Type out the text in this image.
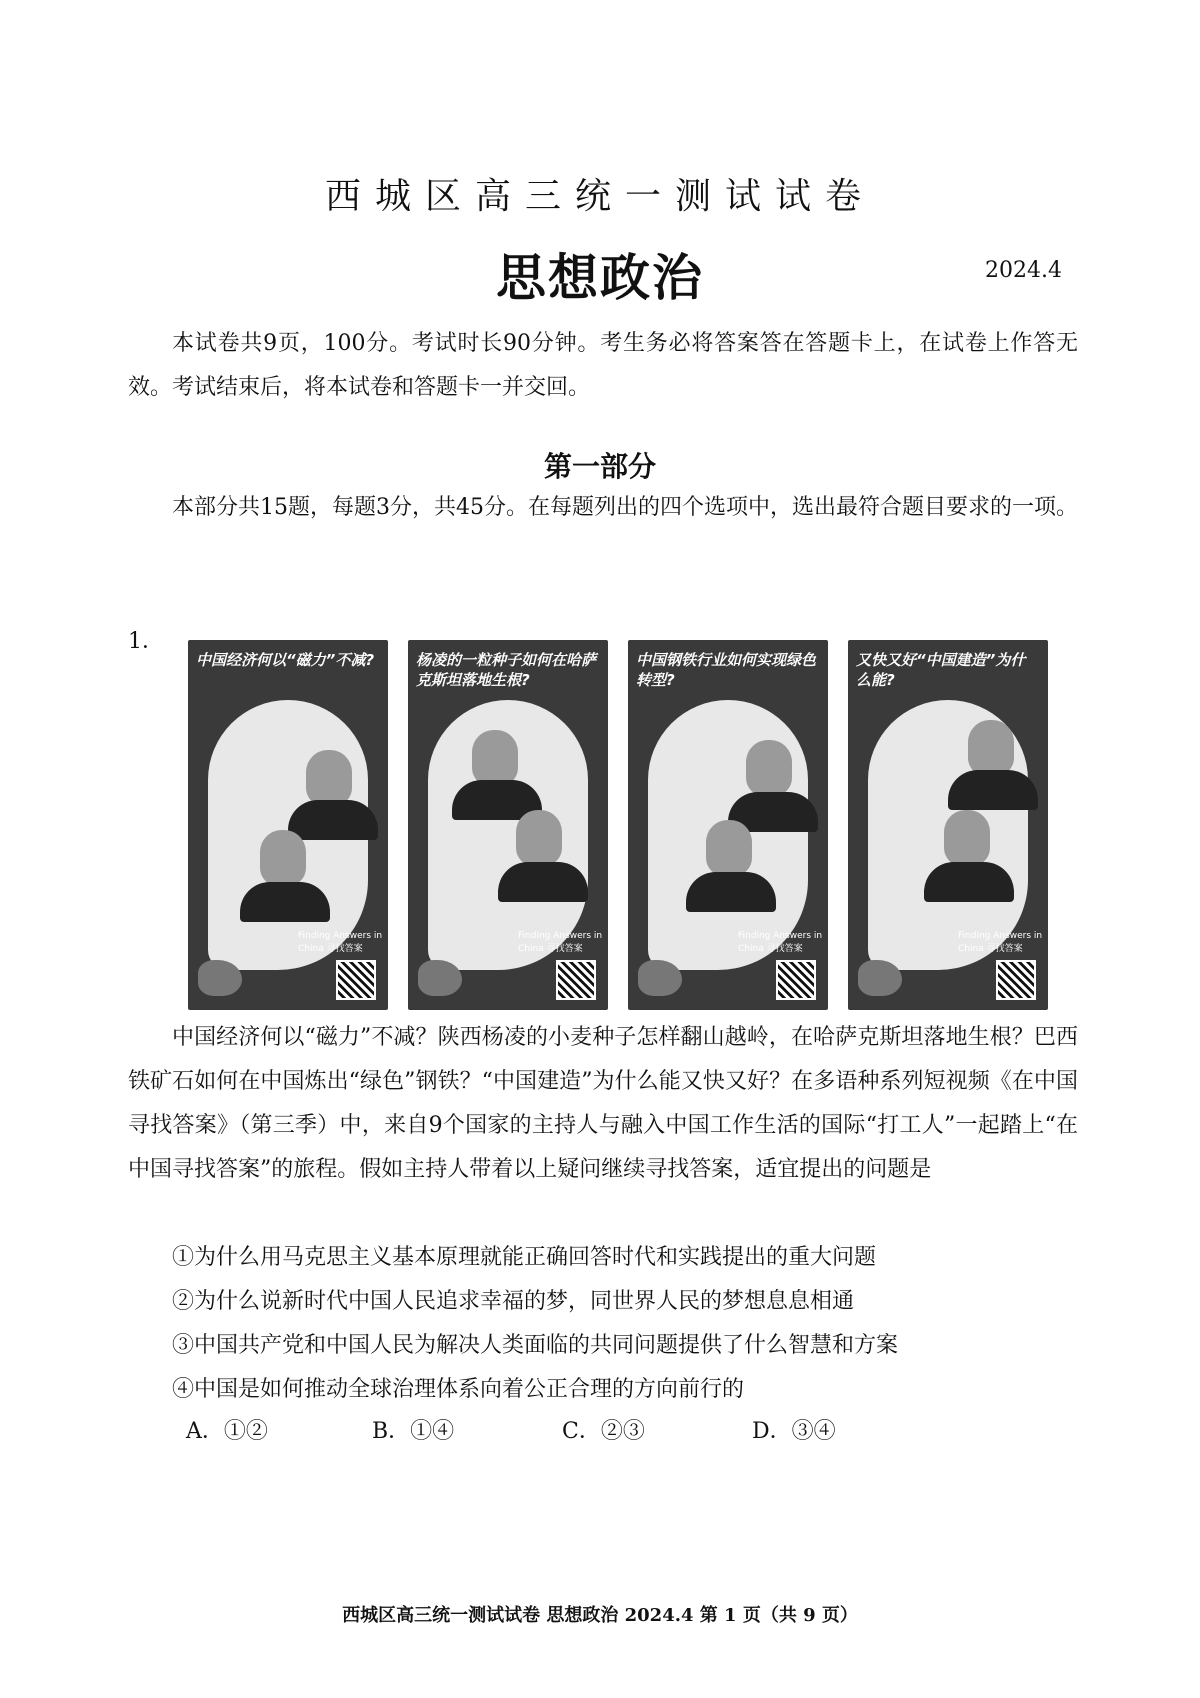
西城区高三统一测试试卷
思想政治	2024.4
本试卷共9页，100分。考试时长90分钟。考生务必将答案答在答题卡上，在试卷上作答无效。考试结束后，将本试卷和答题卡一并交回。
第一部分
本部分共15题，每题3分，共45分。在每题列出的四个选项中，选出最符合题目要求的一项。
1．
中国经济何以“磁力”不减?
Finding Answers in China 寻找答案
杨凌的一粒种子如何在哈萨克斯坦落地生根?
Finding Answers in China 寻找答案
中国钢铁行业如何实现绿色转型?
Finding Answers in China 寻找答案
又快又好“中国建造”为什么能?
Finding Answers in China 寻找答案
中国经济何以“磁力”不减？陕西杨凌的小麦种子怎样翻山越岭，在哈萨克斯坦落地生根？巴西铁矿石如何在中国炼出“绿色”钢铁？“中国建造”为什么能又快又好？在多语种系列短视频《在中国寻找答案》（第三季）中，来自9个国家的主持人与融入中国工作生活的国际“打工人”一起踏上“在中国寻找答案”的旅程。假如主持人带着以上疑问继续寻找答案，适宜提出的问题是
①为什么用马克思主义基本原理就能正确回答时代和实践提出的重大问题
②为什么说新时代中国人民追求幸福的梦，同世界人民的梦想息息相通
③中国共产党和中国人民为解决人类面临的共同问题提供了什么智慧和方案
④中国是如何推动全球治理体系向着公正合理的方向前行的
A．①②	B．①④	C．②③	D．③④
西城区高三统一测试试卷 思想政治 2024.4 第 1 页（共 9 页）
